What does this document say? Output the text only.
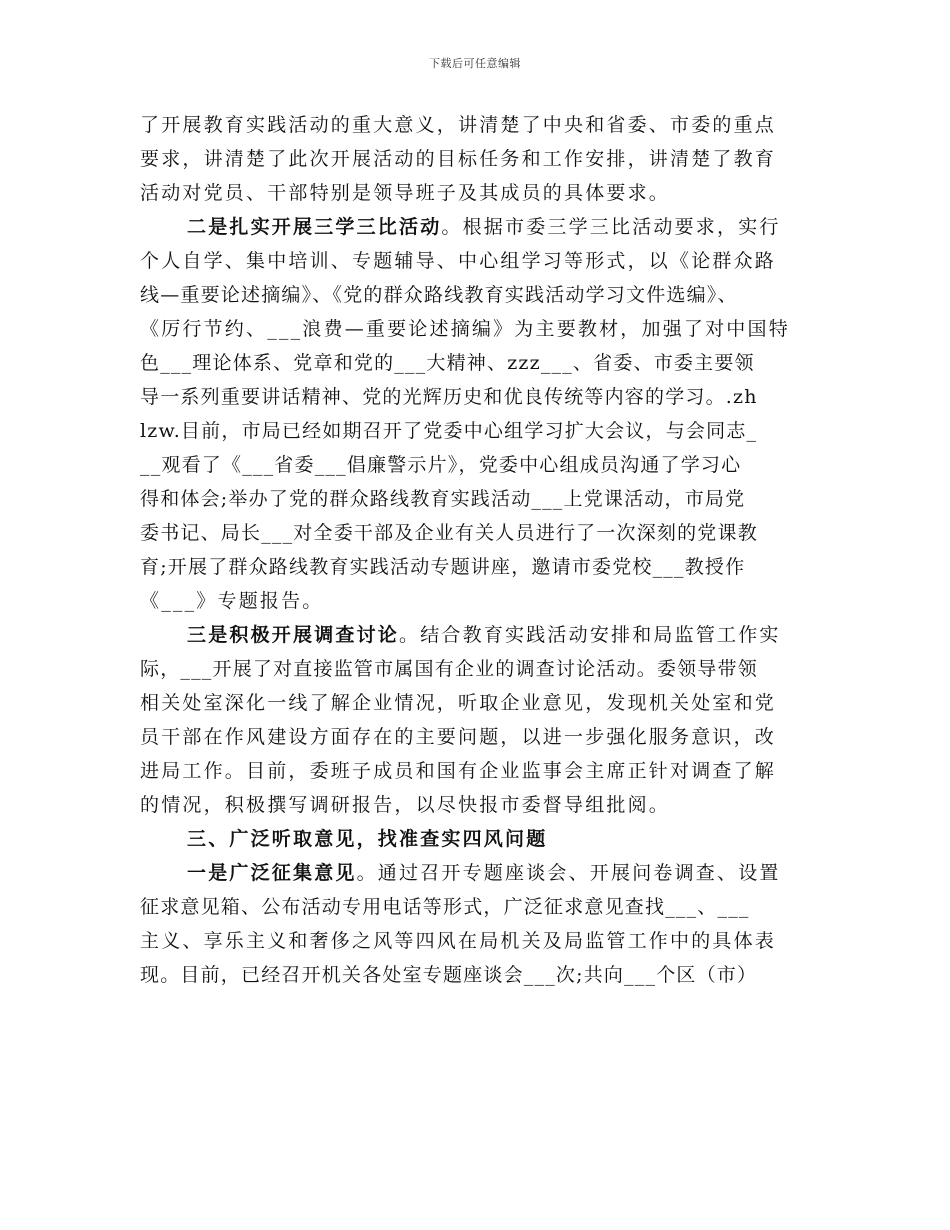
下载后可任意编辑
了开展教育实践活动的重大意义，讲清楚了中央和省委、市委的重点
要求，讲清楚了此次开展活动的目标任务和工作安排，讲清楚了教育
活动对党员、干部特别是领导班子及其成员的具体要求。
二是扎实开展三学三比活动。根据市委三学三比活动要求，实行
个人自学、集中培训、专题辅导、中心组学习等形式，以《论群众路
线—重要论述摘编》、《党的群众路线教育实践活动学习文件选编》、
《厉行节约、___浪费—重要论述摘编》为主要教材，加强了对中国特
色___理论体系、党章和党的___大精神、zzz___、省委、市委主要领
导一系列重要讲话精神、党的光辉历史和优良传统等内容的学习。.zh
lzw.目前，市局已经如期召开了党委中心组学习扩大会议，与会同志_
__观看了《___省委___倡廉警示片》，党委中心组成员沟通了学习心
得和体会;举办了党的群众路线教育实践活动___上党课活动，市局党
委书记、局长___对全委干部及企业有关人员进行了一次深刻的党课教
育;开展了群众路线教育实践活动专题讲座，邀请市委党校___教授作
《___》专题报告。
三是积极开展调查讨论。结合教育实践活动安排和局监管工作实
际，___开展了对直接监管市属国有企业的调查讨论活动。委领导带领
相关处室深化一线了解企业情况，听取企业意见，发现机关处室和党
员干部在作风建设方面存在的主要问题，以进一步强化服务意识，改
进局工作。目前，委班子成员和国有企业监事会主席正针对调查了解
的情况，积极撰写调研报告，以尽快报市委督导组批阅。
三、广泛听取意见，找准查实四风问题
一是广泛征集意见。通过召开专题座谈会、开展问卷调查、设置
征求意见箱、公布活动专用电话等形式，广泛征求意见查找___、___
主义、享乐主义和奢侈之风等四风在局机关及局监管工作中的具体表
现。目前，已经召开机关各处室专题座谈会___次;共向___个区（市）
